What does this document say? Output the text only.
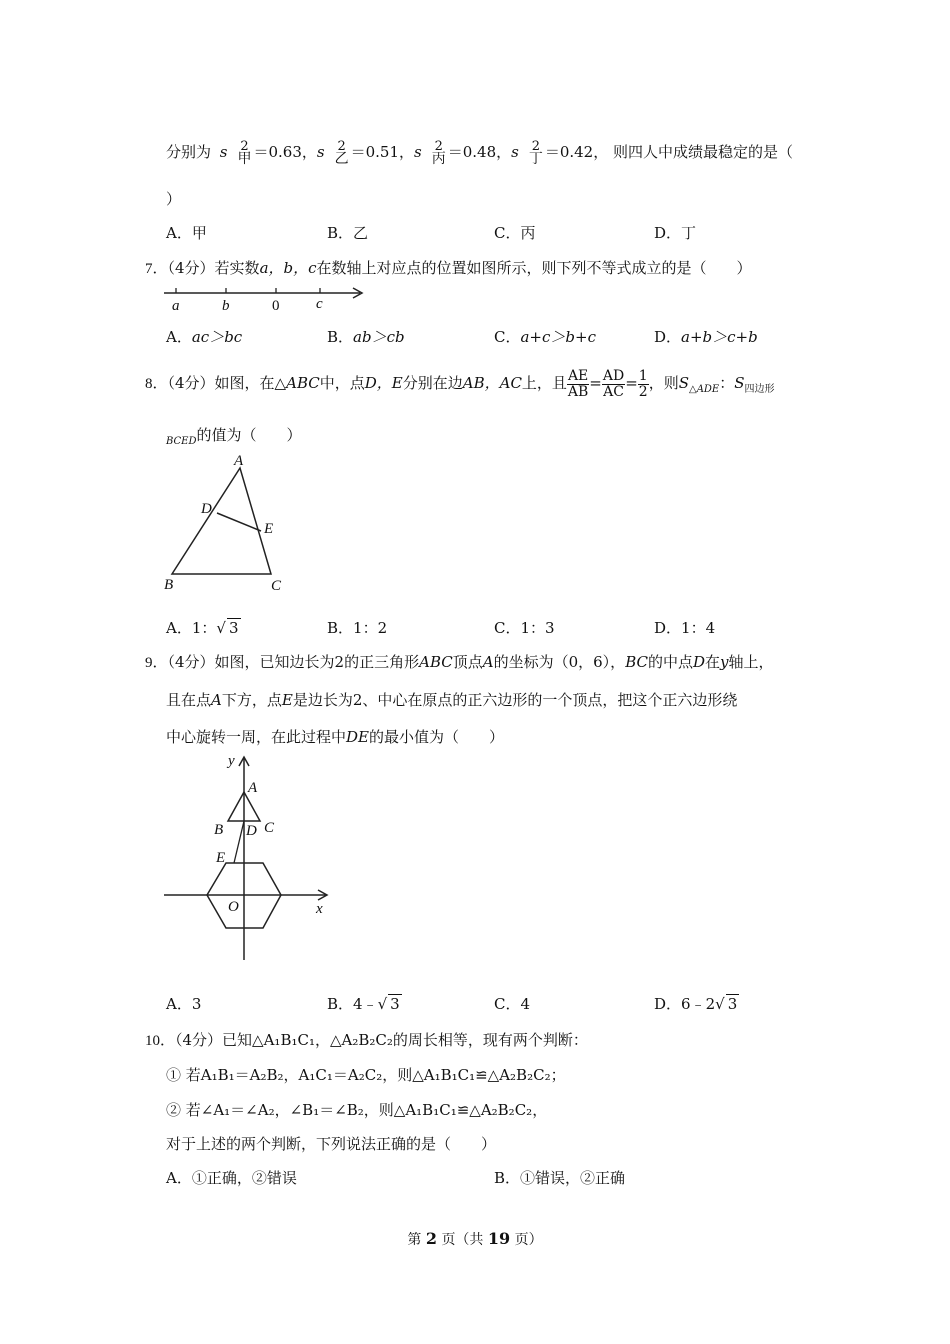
分别为 s 2
甲 ＝0.63，s 2
乙 ＝0.51，s 2
丙 ＝0.48，s 2
丁 ＝0.42， 则四人中成绩最稳定的是（
）
A．甲	B．乙	C．丙	D．丁
7．（4分）若实数a，b，c在数轴上对应点的位置如图所示，则下列不等式成立的是（　　）
a	b	0 c
A．ac＞bc	B．ab＞cb	C．a+c＞b+c	D．a+b＞c+b
8．（4分）如图，在△ABC中，点D，E分别在边AB，AC上，且 $\frac{AE}{AB} = \frac{AD}{AC} = \frac{1}{2}$ ，则$S_{\triangle ADE}$：$S_{四边形}$
$_{BCED}$的值为（　　）
A
D
E
B	C
A．1：√ 3	B．1：2	C．1：3	D．1：4
9．（4分）如图，已知边长为2的正三角形ABC顶点A的坐标为（0，6），BC的中点D在y轴上，
且在点A下方，点E是边长为2、中心在原点的正六边形的一个顶点，把这个正六边形绕
中心旋转一周，在此过程中DE的最小值为（　　）
y
A
B D C
E
O	x
A．3	B．4﹣√ 3	C．4	D．6﹣2√ 3
10．（4分）已知△A₁B₁C₁，△A₂B₂C₂的周长相等，现有两个判断：
① 若A₁B₁＝A₂B₂，A₁C₁＝A₂C₂，则△A₁B₁C₁≌△A₂B₂C₂；
② 若∠A₁＝∠A₂，∠B₁＝∠B₂，则△A₁B₁C₁≌△A₂B₂C₂，
对于上述的两个判断，下列说法正确的是（　　）
A．①正确，②错误	B．①错误，②正确
第 2 页（共 19 页）
